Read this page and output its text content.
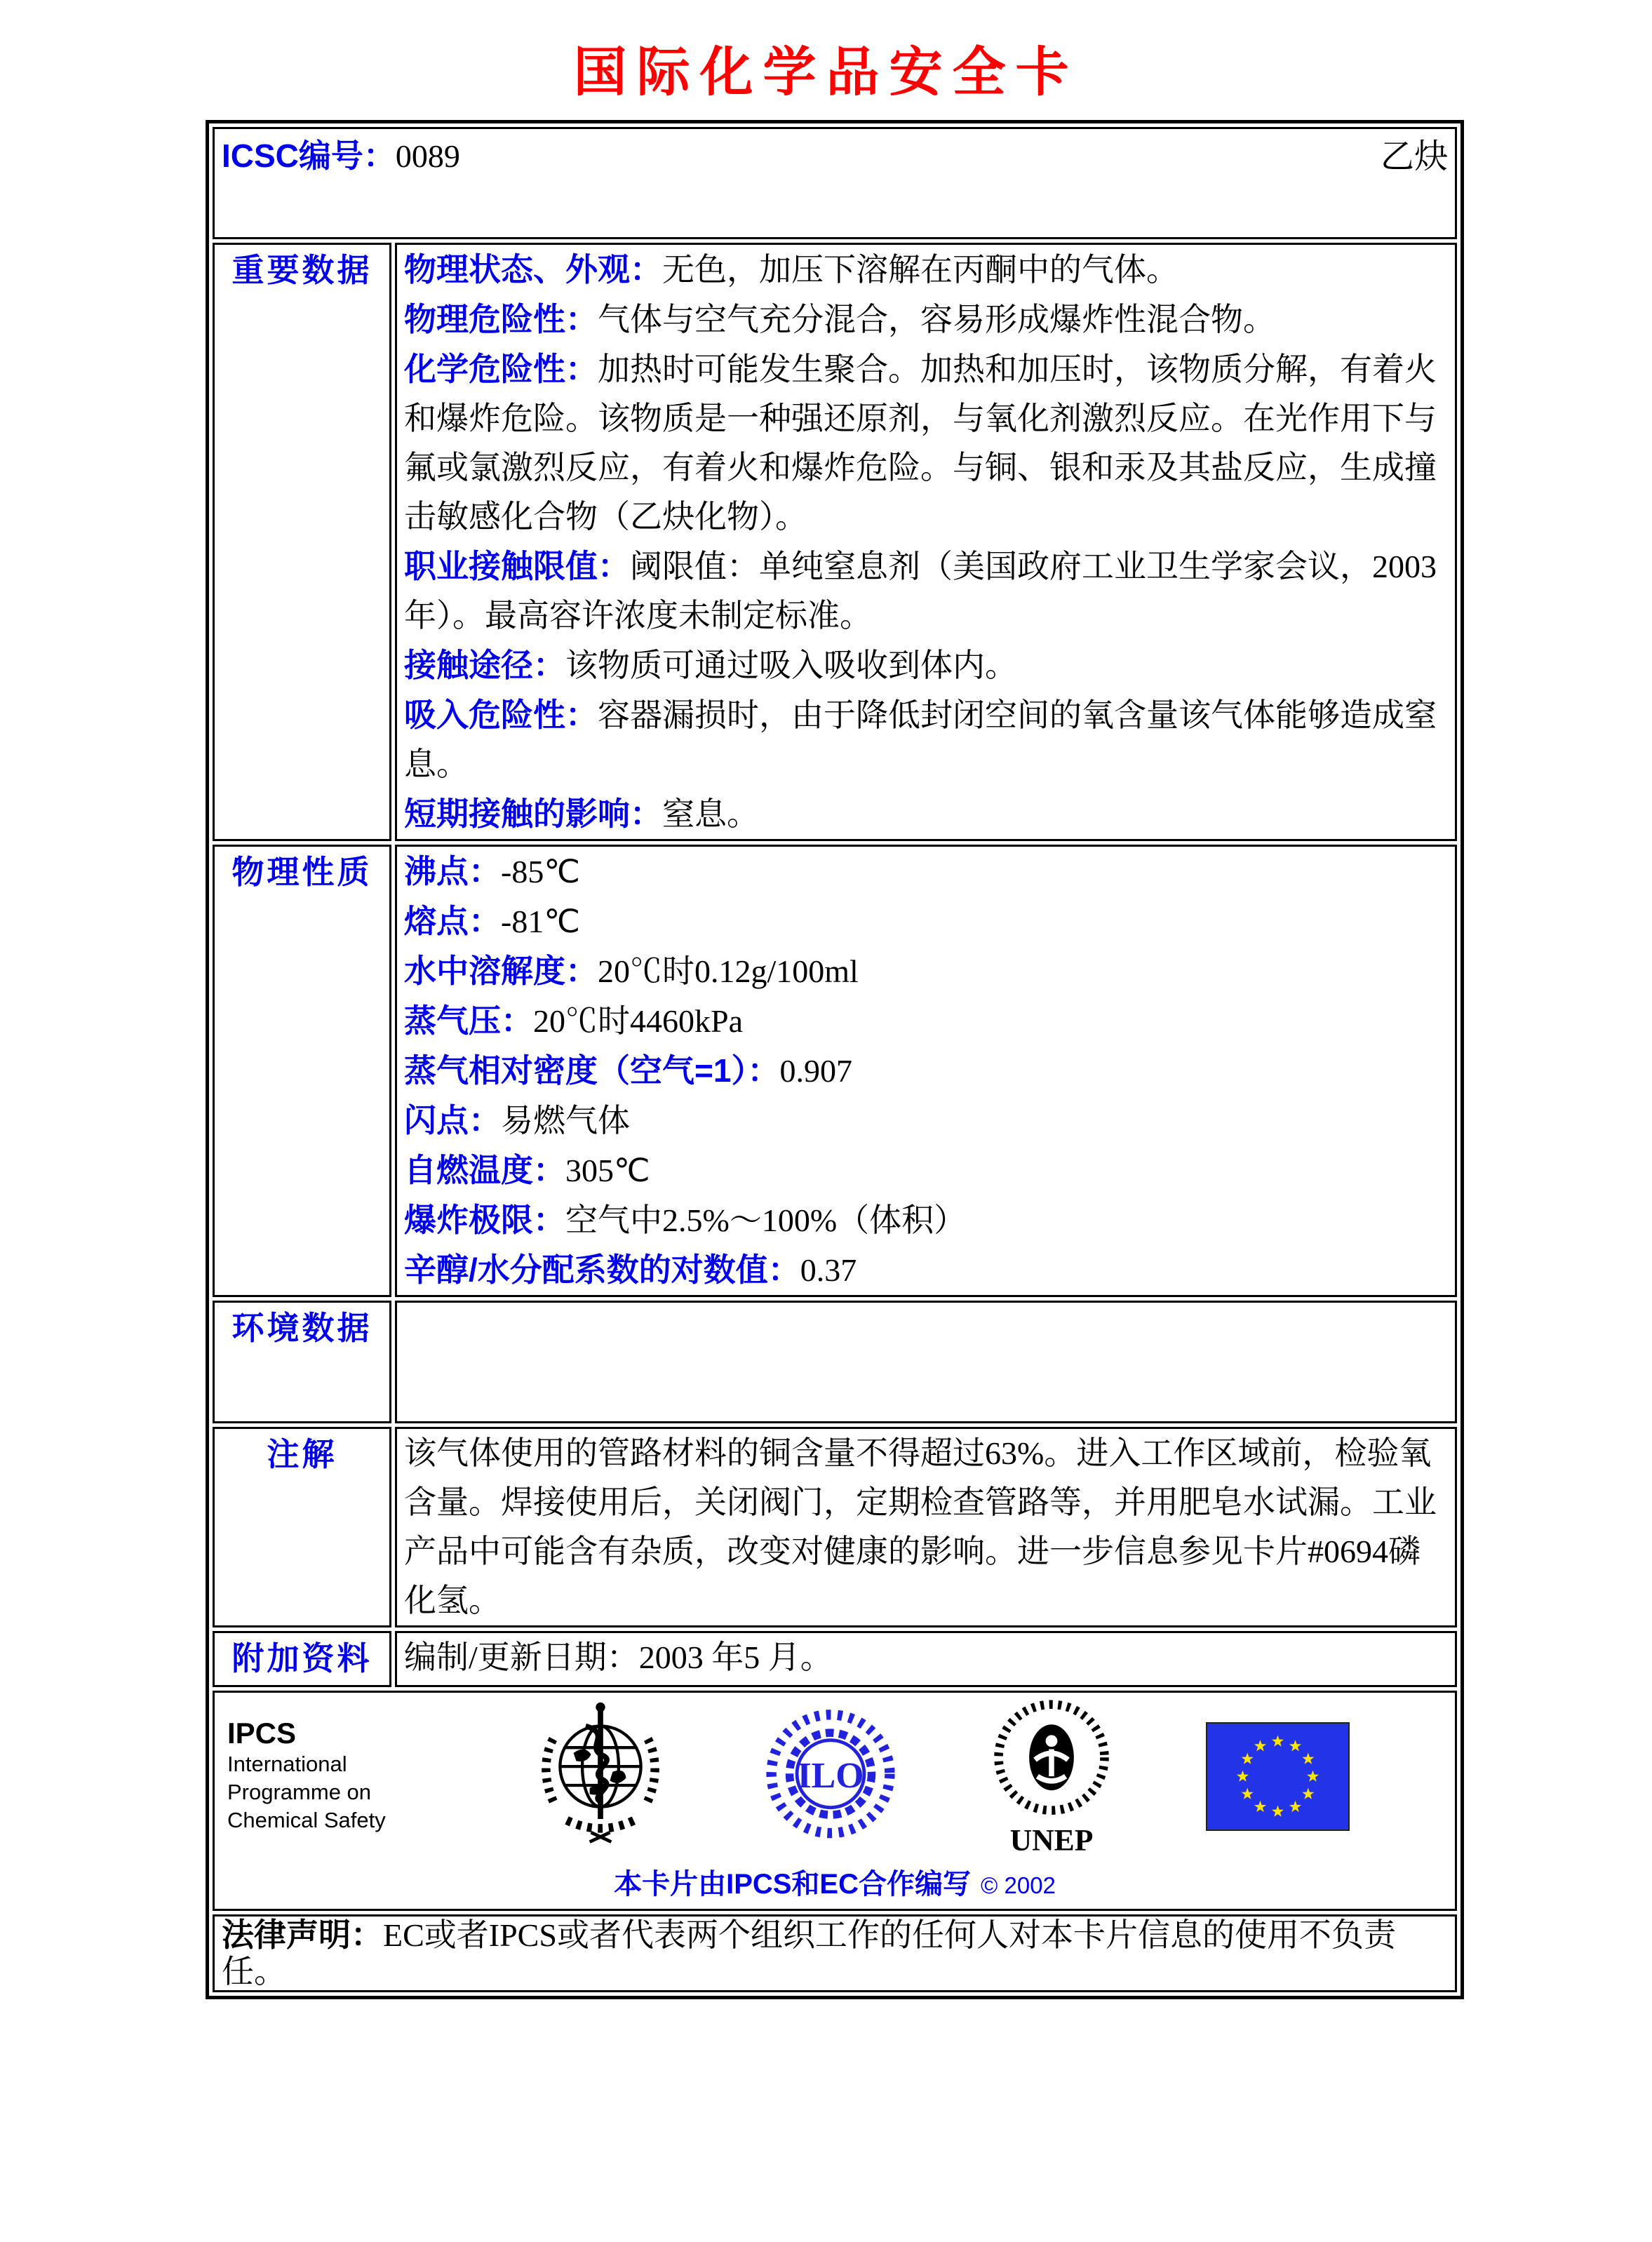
国际化学品安全卡
ICSC编号：0089 乙炔	

重要数据	物理状态、外观：无色，加压下溶解在丙酮中的气体。

物理危险性：气体与空气充分混合，容易形成爆炸性混合物。

化学危险性：加热时可能发生聚合。加热和加压时，该物质分解，有着火和爆炸危险。该物质是一种强还原剂，与氧化剂激烈反应。在光作用下与氟或氯激烈反应，有着火和爆炸危险。与铜、银和汞及其盐反应，生成撞击敏感化合物（乙炔化物）。

职业接触限值：阈限值：单纯窒息剂（美国政府工业卫生学家会议，2003年）。最高容许浓度未制定标准。

接触途径：该物质可通过吸入吸收到体内。

吸入危险性：容器漏损时，由于降低封闭空间的氧含量该气体能够造成窒息。

短期接触的影响：窒息。

物理性质	沸点：-85℃

熔点：-81℃

水中溶解度：20℃时0.12g/100ml

蒸气压：20℃时4460kPa

蒸气相对密度（空气=1）：0.907

闪点：易燃气体

自燃温度：305℃

爆炸极限：空气中2.5%～100%（体积）

辛醇/水分配系数的对数值：0.37

环境数据	
注解	该气体使用的管路材料的铜含量不得超过63%。进入工作区域前，检验氧含量。焊接使用后，关闭阀门，定期检查管路等，并用肥皂水试漏。工业产品中可能含有杂质，改变对健康的影响。进一步信息参见卡片#0694磷化氢。

附加资料	编制/更新日期：2003 年5 月。

IPCS
International
Programme on
Chemical Safety
ILO
UNEP
本卡片由IPCS和EC合作编写 © 2002

法律声明：EC或者IPCS或者代表两个组织工作的任何人对本卡片信息的使用不负责任。	
